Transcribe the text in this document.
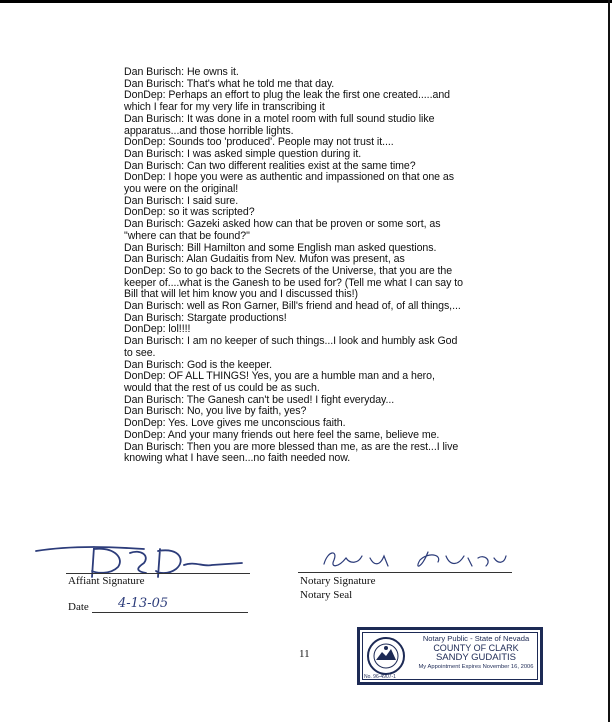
Dan Burisch: He owns it.
Dan Burisch: That's what he told me that day.
DonDep: Perhaps an effort to plug the leak the first one created.....and
which I fear for my very life in transcribing it
Dan Burisch: It was done in a motel room with full sound studio like
apparatus...and those horrible lights.
DonDep: Sounds too 'produced'. People may not trust it....
Dan Burisch: I was asked simple question during it.
Dan Burisch: Can two different realities exist at the same time?
DonDep: I hope you were as authentic and impassioned on that one as
you were on the original!
Dan Burisch: I said sure.
DonDep: so it was scripted?
Dan Burisch: Gazeki asked how can that be proven or some sort, as
"where can that be found?"
Dan Burisch: Bill Hamilton and some English man asked questions.
Dan Burisch: Alan Gudaitis from Nev. Mufon was present, as
DonDep: So to go back to the Secrets of the Universe, that you are the
keeper of....what is the Ganesh to be used for? (Tell me what I can say to
Bill that will let him know you and I discussed this!)
Dan Burisch: well as Ron Garner, Bill's friend and head of, of all things,...
Dan Burisch: Stargate productions!
DonDep: lol!!!!
Dan Burisch: I am no keeper of such things...I look and humbly ask God
to see.
Dan Burisch: God is the keeper.
DonDep: OF ALL THINGS! Yes, you are a humble man and a hero,
would that the rest of us could be as such.
Dan Burisch: The Ganesh can't be used! I fight everyday...
Dan Burisch: No, you live by faith, yes?
DonDep: Yes. Love gives me unconscious faith.
DonDep: And your many friends out here feel the same, believe me.
Dan Burisch: Then you are more blessed than me, as are the rest...I live
knowing what I have seen...no faith needed now.
Affiant Signature	Notary Signature
Notary Seal
Date 4-13-05
11
Notary Public - State of Nevada
COUNTY OF CLARK
SANDY GUDAITIS
My Appointment Expires November 16, 2006
No. 96-4907-1
